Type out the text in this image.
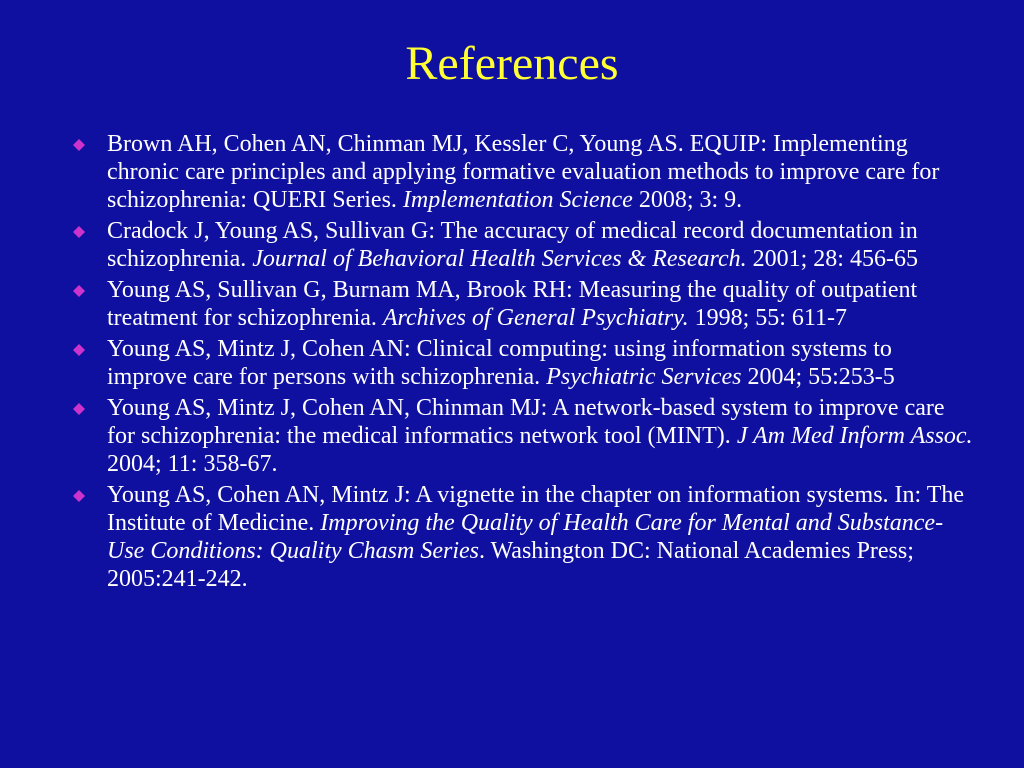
References
Brown AH, Cohen AN, Chinman MJ, Kessler C, Young AS. EQUIP: Implementing chronic care principles and applying formative evaluation methods to improve care for schizophrenia: QUERI Series. Implementation Science 2008; 3: 9.
Cradock J, Young AS, Sullivan G: The accuracy of medical record documentation in schizophrenia. Journal of Behavioral Health Services & Research. 2001; 28: 456-65
Young AS, Sullivan G, Burnam MA, Brook RH: Measuring the quality of outpatient treatment for schizophrenia. Archives of General Psychiatry. 1998; 55: 611-7
Young AS, Mintz J, Cohen AN: Clinical computing: using information systems to improve care for persons with schizophrenia. Psychiatric Services 2004; 55:253-5
Young AS, Mintz J, Cohen AN, Chinman MJ: A network-based system to improve care for schizophrenia: the medical informatics network tool (MINT). J Am Med Inform Assoc. 2004; 11: 358-67.
Young AS, Cohen AN, Mintz J: A vignette in the chapter on information systems. In: The Institute of Medicine. Improving the Quality of Health Care for Mental and Substance-Use Conditions: Quality Chasm Series. Washington DC: National Academies Press; 2005:241-242.
